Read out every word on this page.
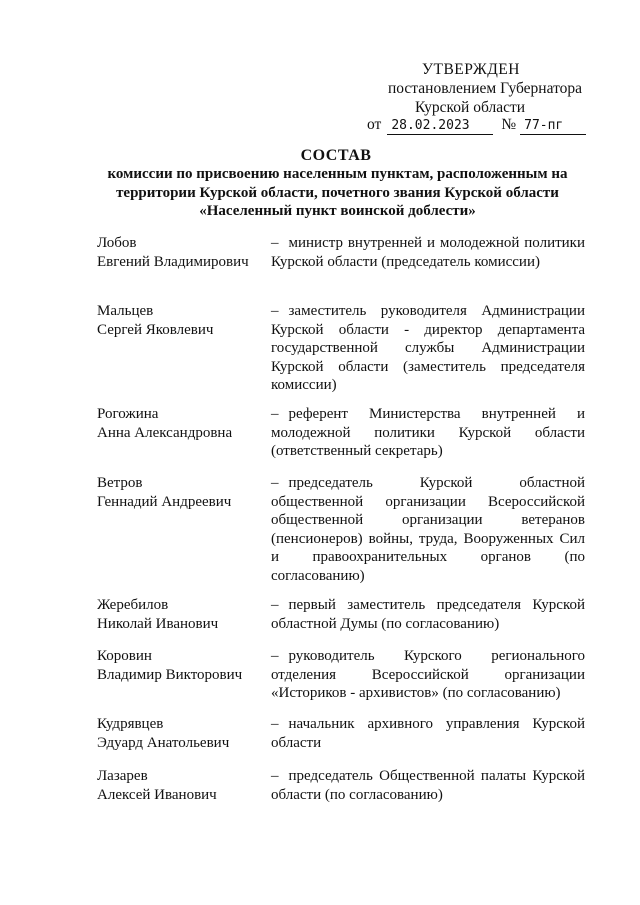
УТВЕРЖДЕН
постановлением Губернатора
Курской области
от 28.02.2023	№ 77-пг
СОСТАВ
комиссии по присвоению населенным пунктам, расположенным на территории Курской области, почетного звания Курской области «Населенный пункт воинской доблести»
Лобов
Евгений Владимирович
– министр внутренней и молодежной политики Курской области (председатель комиссии)
Мальцев
Сергей Яковлевич
– заместитель руководителя Администрации Курской области - директор департамента государственной службы Администрации Курской области (заместитель председателя комиссии)
Рогожина
Анна Александровна
– референт Министерства внутренней и молодежной политики Курской области (ответственный секретарь)
Ветров
Геннадий Андреевич
– председатель Курской областной общественной организации Всероссийской общественной организации ветеранов (пенсионеров) войны, труда, Вооруженных Сил и правоохранительных органов (по согласованию)
Жеребилов
Николай Иванович
– первый заместитель председателя Курской областной Думы (по согласованию)
Коровин
Владимир Викторович
– руководитель Курского регионального отделения Всероссийской организации «Историков - архивистов» (по согласованию)
Кудрявцев
Эдуард Анатольевич
– начальник архивного управления Курской области
Лазарев
Алексей Иванович
– председатель Общественной палаты Курской области (по согласованию)
